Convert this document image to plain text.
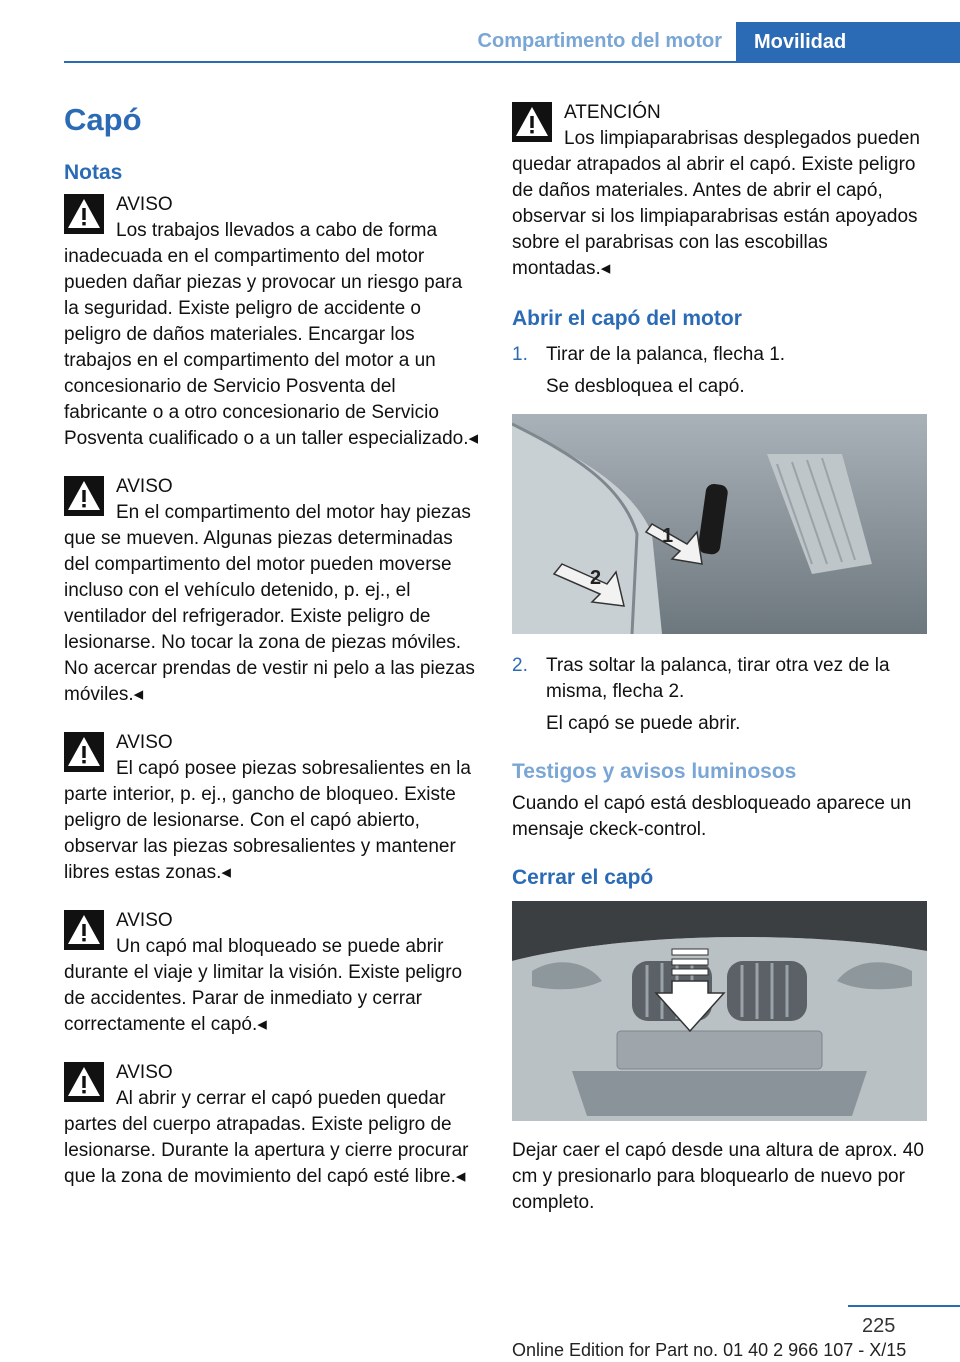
Compartimento del motor Movilidad
Capó
Notas
AVISO
Los trabajos llevados a cabo de forma inadecuada en el compartimento del motor pueden dañar piezas y provocar un riesgo para la seguridad. Existe peligro de accidente o peligro de daños materiales. Encargar los trabajos en el compartimento del motor a un concesionario de Servicio Posventa del fabricante o a otro concesionario de Servicio Posventa cualificado o a un taller especializado.◂
AVISO
En el compartimento del motor hay piezas que se mueven. Algunas piezas determinadas del compartimento del motor pueden moverse incluso con el vehículo detenido, p. ej., el ventilador del refrigerador. Existe peligro de lesionarse. No tocar la zona de piezas móviles. No acercar prendas de vestir ni pelo a las piezas móviles.◂
AVISO
El capó posee piezas sobresalientes en la parte interior, p. ej., gancho de bloqueo. Existe peligro de lesionarse. Con el capó abierto, observar las piezas sobresalientes y mantener libres estas zonas.◂
AVISO
Un capó mal bloqueado se puede abrir durante el viaje y limitar la visión. Existe peligro de accidentes. Parar de inmediato y cerrar correctamente el capó.◂
AVISO
Al abrir y cerrar el capó pueden quedar partes del cuerpo atrapadas. Existe peligro de lesionarse. Durante la apertura y cierre procurar que la zona de movimiento del capó esté libre.◂
ATENCIÓN
Los limpiaparabrisas desplegados pueden quedar atrapados al abrir el capó. Existe peligro de daños materiales. Antes de abrir el capó, observar si los limpiaparabrisas están apoyados sobre el parabrisas con las escobillas montadas.◂
Abrir el capó del motor
1. Tirar de la palanca, flecha 1.
Se desbloquea el capó.
1
2
2. Tras soltar la palanca, tirar otra vez de la misma, flecha 2.
El capó se puede abrir.
Testigos y avisos luminosos

Cuando el capó está desbloqueado aparece un mensaje ckeck-control.

Cerrar el capó

Dejar caer el capó desde una altura de aprox. 40 cm y presionarlo para bloquearlo de nuevo por completo.

225
Online Edition for Part no. 01 40 2 966 107 - X/15
